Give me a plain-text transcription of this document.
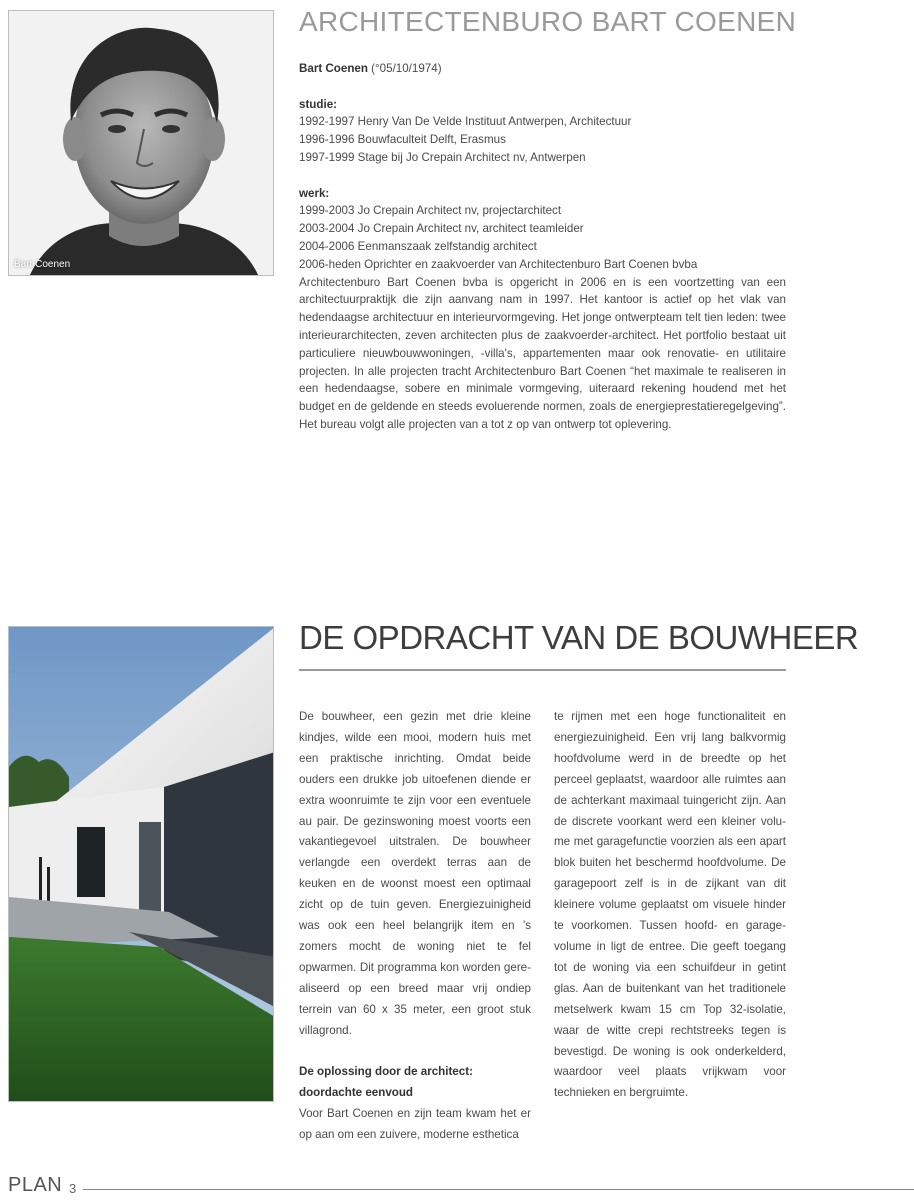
Bart Coenen
ARCHITECTENBURO BART COENEN
Bart Coenen (°05/10/1974)
studie:
1992-1997 Henry Van De Velde Instituut Antwerpen, Architectuur
1996-1996 Bouwfaculteit Delft, Erasmus
1997-1999 Stage bij Jo Crepain Architect nv, Antwerpen
werk:
1999-2003 Jo Crepain Architect nv, projectarchitect
2003-2004 Jo Crepain Architect nv, architect teamleider
2004-2006 Eenmanszaak zelfstandig architect
2006-heden Oprichter en zaakvoerder van Architectenburo Bart Coenen bvba
Architectenburo Bart Coenen bvba is opgericht in 2006 en is een voortzetting van een architectuurpraktijk die zijn aanvang nam in 1997. Het kantoor is actief op het vlak van hedendaagse architectuur en interieurvormgeving. Het jonge ontwerpteam telt tien leden: twee interieurarchitecten, zeven architecten plus de zaakvoerder-architect. Het portfolio bestaat uit particuliere nieuwbouwwoningen, -villa's, appartementen maar ook renovatie- en utilitaire projecten. In alle projecten tracht Architectenburo Bart Coenen “het maximale te realiseren in een hedendaagse, sobere en minimale vormgeving, uiteraard rekening houdend met het budget en de geldende en steeds evoluerende normen, zoals de energieprestatieregelgeving”. Het bureau volgt alle projecten van a tot z op van ontwerp tot oplevering.
DE OPDRACHT VAN DE BOUWHEER
De bouwheer, een gezin met drie kleine kindjes, wilde een mooi, modern huis met een praktische inrichting. Omdat beide ouders een drukke job uitoefenen diende er extra woonruimte te zijn voor een eventuele au pair. De gezinswoning moest voorts een vakantiegevoel uitstralen. De bouwheer verlangde een overdekt terras aan de keuken en de woonst moest een optimaal zicht op de tuin geven. Energiezuinigheid was ook een heel belangrijk item en 's zomers mocht de woning niet te fel opwarmen. Dit programma kon worden gerealiseerd op een breed maar vrij ondiep terrein van 60 x 35 meter, een groot stuk villagrond.
De oplossing door de architect:
doordachte eenvoud
Voor Bart Coenen en zijn team kwam het er op aan om een zuivere, moderne esthetica
te rijmen met een hoge functionaliteit en energiezuinigheid. Een vrij lang balkvormig hoofdvolume werd in de breedte op het perceel geplaatst, waardoor alle ruimtes aan de achterkant maximaal tuingericht zijn. Aan de discrete voorkant werd een kleiner volume met garagefunctie voorzien als een apart blok buiten het beschermd hoofdvolume. De garagepoort zelf is in de zijkant van dit kleinere volume geplaatst om visuele hinder te voorkomen. Tussen hoofd- en garagevolume in ligt de entree. Die geeft toegang tot de woning via een schuifdeur in getint glas. Aan de buitenkant van het traditionele metselwerk kwam 15 cm Top 32-isolatie, waar de witte crepi rechtstreeks tegen is bevestigd. De woning is ook onderkelderd, waardoor veel plaats vrijkwam voor technieken en bergruimte.
PLAN 3
